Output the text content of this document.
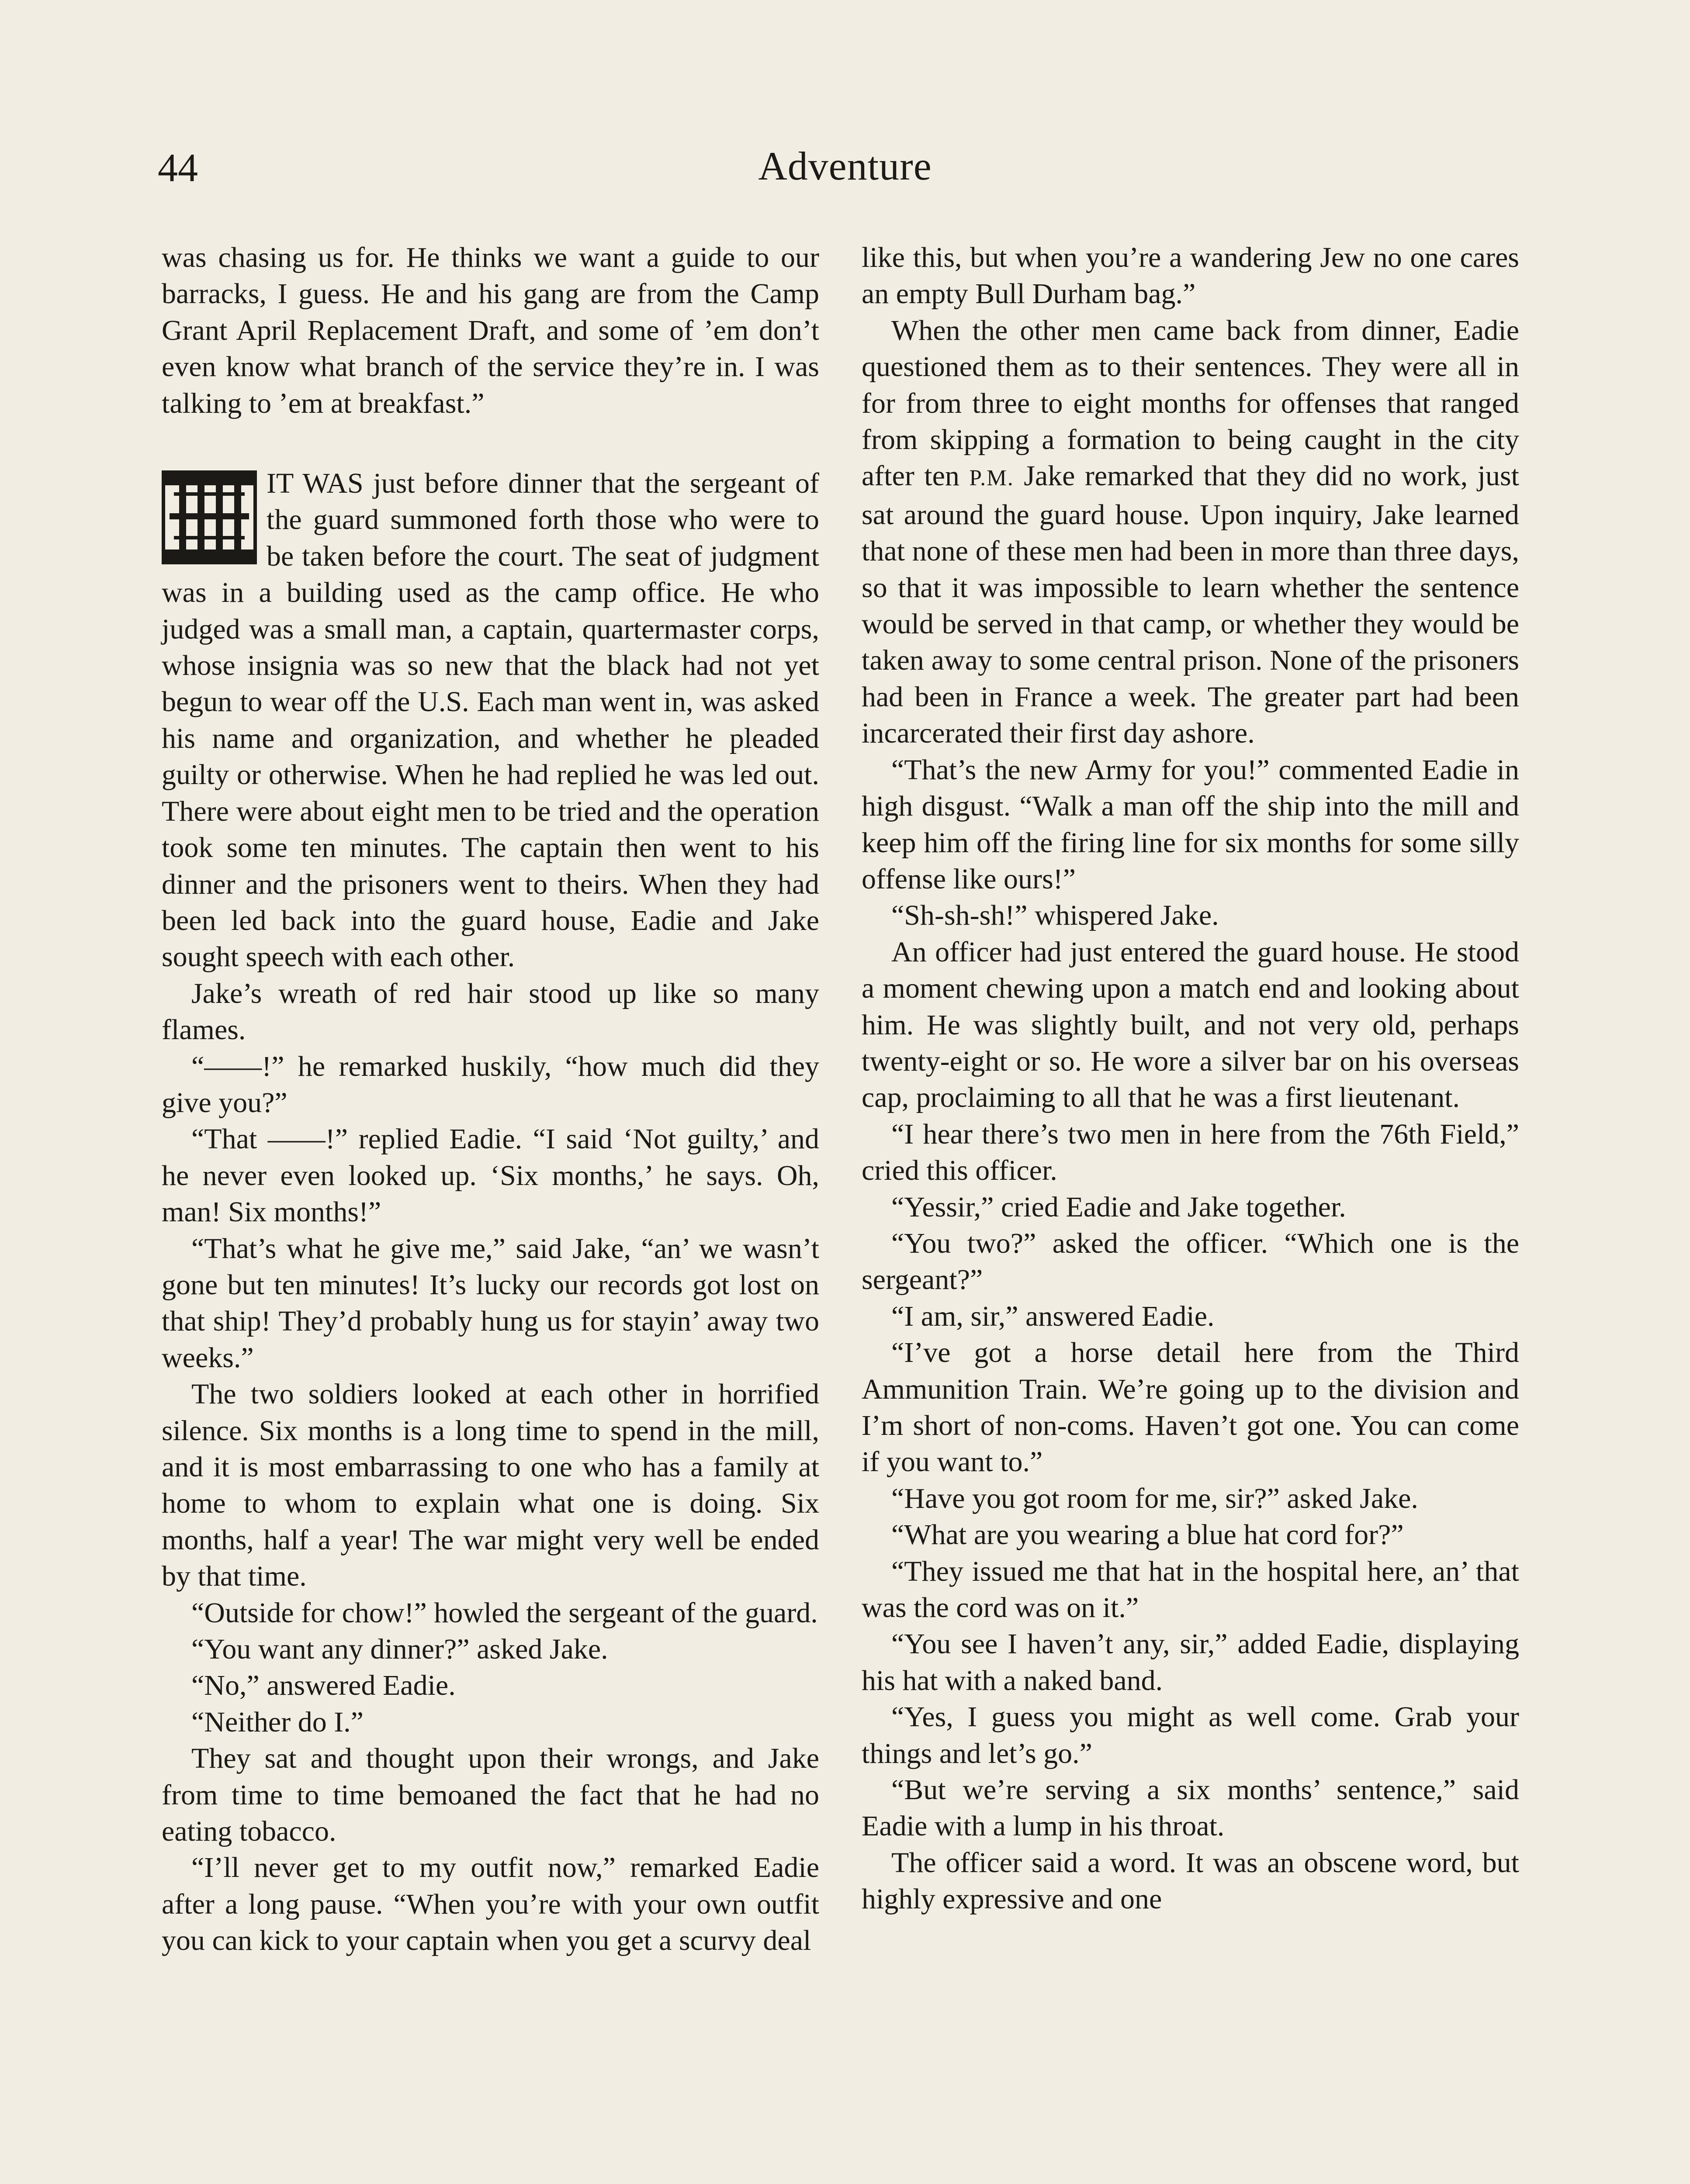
44	Adventure

was chasing us for. He thinks we want a guide to our barracks, I guess. He and his gang are from the Camp Grant April Replacement Draft, and some of ’em don’t even know what branch of the service they’re in. I was talking to ’em at breakfast.”

IT WAS just before dinner that the sergeant of the guard summoned forth those who were to be taken before the court. The seat of judgment was in a building used as the camp office. He who judged was a small man, a captain, quartermaster corps, whose insignia was so new that the black had not yet begun to wear off the U.S. Each man went in, was asked his name and organization, and whether he pleaded guilty or otherwise. When he had replied he was led out. There were about eight men to be tried and the operation took some ten minutes. The captain then went to his dinner and the prisoners went to theirs. When they had been led back into the guard house, Eadie and Jake sought speech with each other.

Jake’s wreath of red hair stood up like so many flames.

“——!” he remarked huskily, “how much did they give you?”

“That ——!” replied Eadie. “I said ‘Not guilty,’ and he never even looked up. ‘Six months,’ he says. Oh, man! Six months!”

“That’s what he give me,” said Jake, “an’ we wasn’t gone but ten minutes! It’s lucky our records got lost on that ship! They’d probably hung us for stayin’ away two weeks.”

The two soldiers looked at each other in horrified silence. Six months is a long time to spend in the mill, and it is most embarrassing to one who has a family at home to whom to explain what one is doing. Six months, half a year! The war might very well be ended by that time.

“Outside for chow!” howled the sergeant of the guard.

“You want any dinner?” asked Jake.

“No,” answered Eadie.

“Neither do I.”

They sat and thought upon their wrongs, and Jake from time to time bemoaned the fact that he had no eating tobacco.

“I’ll never get to my outfit now,” remarked Eadie after a long pause. “When you’re with your own outfit you can kick to your captain when you get a scurvy deal

like this, but when you’re a wandering Jew no one cares an empty Bull Durham bag.”

When the other men came back from dinner, Eadie questioned them as to their sentences. They were all in for from three to eight months for offenses that ranged from skipping a formation to being caught in the city after ten P.M. Jake remarked that they did no work, just sat around the guard house. Upon inquiry, Jake learned that none of these men had been in more than three days, so that it was impossible to learn whether the sentence would be served in that camp, or whether they would be taken away to some central prison. None of the prisoners had been in France a week. The greater part had been incarcerated their first day ashore.

“That’s the new Army for you!” commented Eadie in high disgust. “Walk a man off the ship into the mill and keep him off the firing line for six months for some silly offense like ours!”

“Sh-sh-sh!” whispered Jake.

An officer had just entered the guard house. He stood a moment chewing upon a match end and looking about him. He was slightly built, and not very old, perhaps twenty-eight or so. He wore a silver bar on his overseas cap, proclaiming to all that he was a first lieutenant.

“I hear there’s two men in here from the 76th Field,” cried this officer.

“Yessir,” cried Eadie and Jake together.

“You two?” asked the officer. “Which one is the sergeant?”

“I am, sir,” answered Eadie.

“I’ve got a horse detail here from the Third Ammunition Train. We’re going up to the division and I’m short of non-coms. Haven’t got one. You can come if you want to.”

“Have you got room for me, sir?” asked Jake.

“What are you wearing a blue hat cord for?”

“They issued me that hat in the hospital here, an’ that was the cord was on it.”

“You see I haven’t any, sir,” added Eadie, displaying his hat with a naked band.

“Yes, I guess you might as well come. Grab your things and let’s go.”

“But we’re serving a six months’ sentence,” said Eadie with a lump in his throat.

The officer said a word. It was an obscene word, but highly expressive and one
